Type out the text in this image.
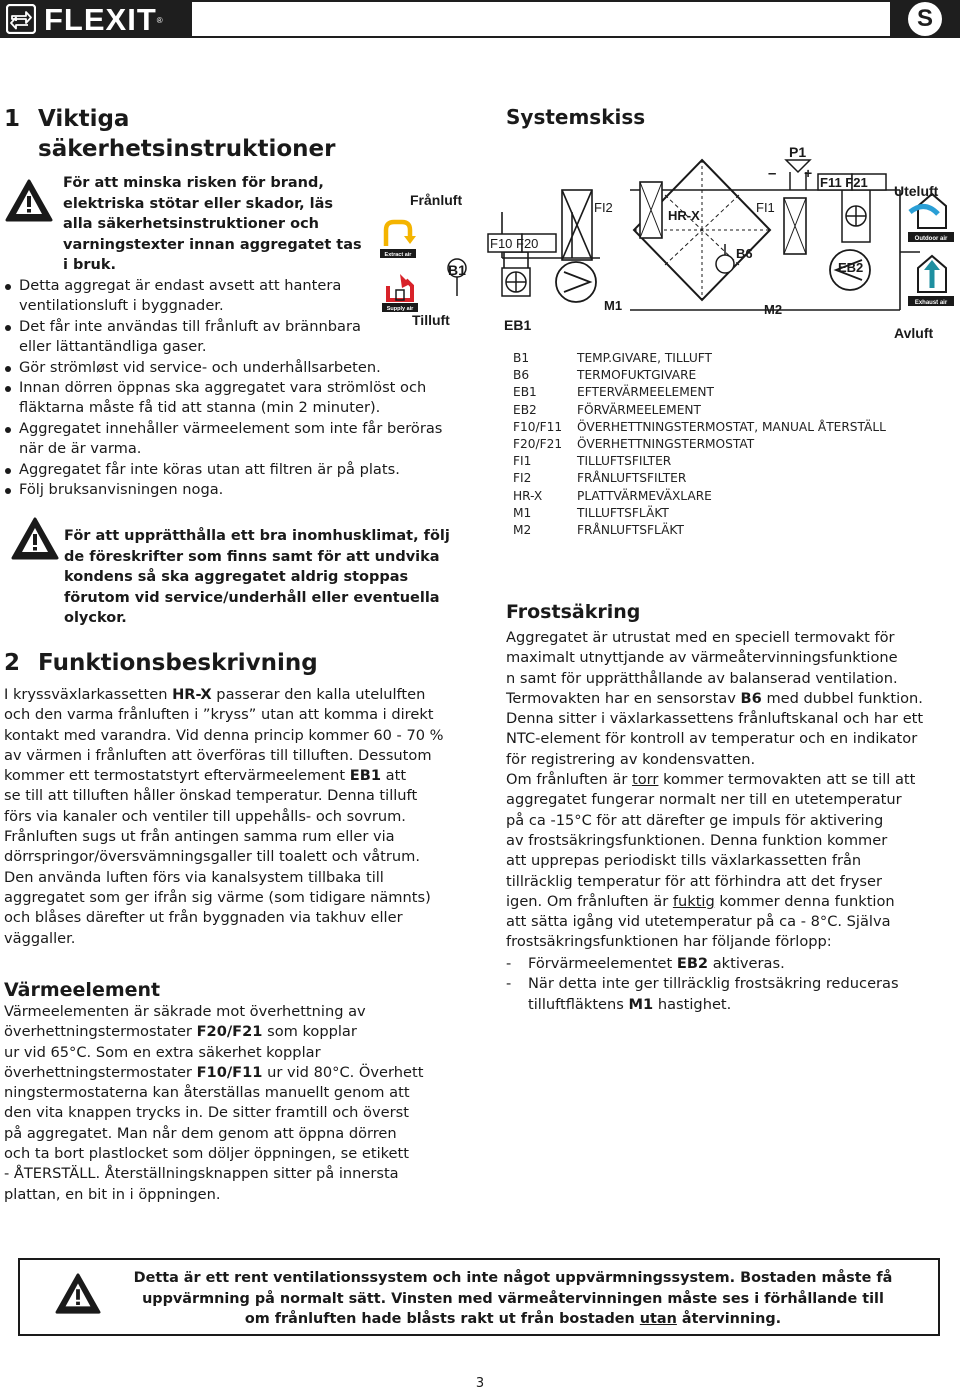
FLEXIT®	S
1 Viktiga säkerhetsinstruktioner
För att minska risken för brand,
elektriska stötar eller skador, läs
alla säkerhetsinstruktioner och
varningstexter innan aggregatet tas
i bruk.
Detta aggregat är endast avsett att hantera
ventilationsluft i byggnader.
Det får inte användas till frånluft av brännbara
eller lättantändliga gaser.
Gör strömløst vid service- och underhållsarbeten.
Innan dörren öppnas ska aggregatet vara strömlöst och
fläktarna måste få tid att stanna (min 2 minuter).
Aggregatet innehåller värmeelement som inte får beröras
när de är varma.
Aggregatet får inte köras utan att filtren är på plats.
Följ bruksanvisningen noga.
Frånluft
Extract air
B1
Supply air
Tilluft
För att upprätthålla ett bra inomhusklimat, följ
de föreskrifter som finns samt för att undvika
kondens så ska aggregatet aldrig stoppas
förutom vid service/underhåll eller eventuella
olyckor.
2 Funktionsbeskrivning
I kryssväxlarkassetten HR-X passerar den kalla utelulften
och den varma frånluften i ”kryss” utan att komma i direkt
kontakt med varandra. Vid denna princip kommer 60 - 70 %
av värmen i frånluften att överföras till tilluften. Dessutom
kommer ett termostatstyrt eftervärmeelement EB1 att
se till att tilluften håller önskad temperatur. Denna tilluft
förs via kanaler och ventiler till uppehålls- och sovrum.
Frånluften sugs ut från antingen samma rum eller via
dörrspringor/översvämningsgaller till toalett och våtrum.
Den använda luften förs via kanalsystem tillbaka till
aggregatet som ger ifrån sig värme (som tidigare nämnts)
och blåses därefter ut från byggnaden via takhuv eller
väggaller.
Värmeelement
Värmeelementen är säkrade mot överhettning av
överhettningstermostater F20/F21 som kopplar
ur vid 65°C. Som en extra säkerhet kopplar
överhettningstermostater F10/F11 ur vid 80°C. Överhett
ningstermostaterna kan återställas manuellt genom att
den vita knappen trycks in. De sitter framtill och överst
på aggregatet. Man når dem genom att öppna dörren
och ta bort plastlocket som döljer öppningen, se etikett
- ÅTERSTÄLL. Återställningsknappen sitter på innersta
plattan, en bit in i öppningen.
Systemskiss
Outdoor air
Exhaust air
P1
– +
F11 F21
Uteluft
FI2
HR-X
FI1
B6
EB2
F10 F20
M1	M2
EB1	Avluft
B1	TEMP.GIVARE, TILLUFT
B6	TERMOFUKTGIVARE
EB1	EFTERVÄRMEELEMENT
EB2	FÖRVÄRMEELEMENT
F10/F11	ÖVERHETTNINGSTERMOSTAT, MANUAL ÅTERSTÄLL
F20/F21	ÖVERHETTNINGSTERMOSTAT
FI1	TILLUFTSFILTER
FI2	FRÅNLUFTSFILTER
HR-X	PLATTVÄRMEVÄXLARE
M1	TILLUFTSFLÄKT
M2	FRÅNLUFTSFLÄKT
Frostsäkring
Aggregatet är utrustat med en speciell termovakt för
maximalt utnyttjande av värmeåtervinningsfunktione
n samt för upprätthållande av balanserad ventilation.
Termovakten har en sensorstav B6 med dubbel funktion.
Denna sitter i växlarkassettens frånluftskanal och har ett
NTC-element för kontroll av temperatur och en indikator
för registrering av kondensvatten.
Om frånluften är torr kommer termovakten att se till att
aggregatet fungerar normalt ner till en utetemperatur
på ca -15°C för att därefter ge impuls för aktivering
av frostsäkringsfunktionen. Denna funktion kommer
att upprepas periodiskt tills växlarkassetten från
tillräcklig temperatur för att förhindra att det fryser
igen. Om frånluften är fuktig kommer denna funktion
att sätta igång vid utetemperatur på ca - 8°C. Själva
frostsäkringsfunktionen har följande förlopp:
- Förvärmeelementet EB2 aktiveras.
- När detta inte ger tillräcklig frostsäkring reduceras
tilluftfläktens M1 hastighet.
Detta är ett rent ventilationssystem och inte något uppvärmningssystem. Bostaden måste få
uppvärmning på normalt sätt. Vinsten med värmeåtervinningen måste ses i förhållande till
om frånluften hade blåsts rakt ut från bostaden utan återvinning.
3
